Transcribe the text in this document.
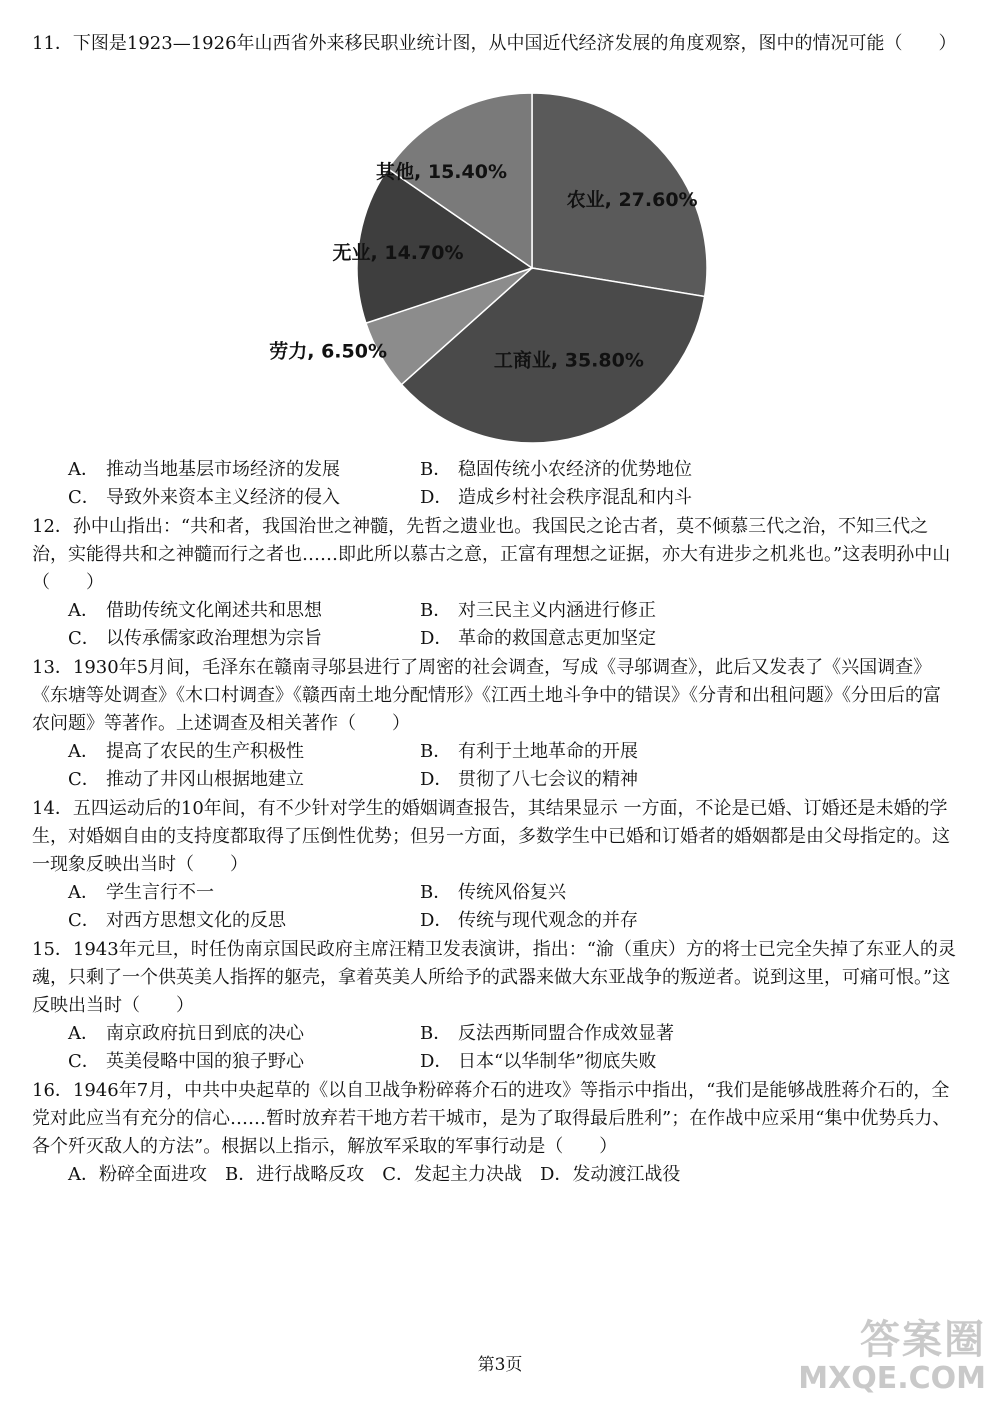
11．下图是1923—1926年山西省外来移民职业统计图，从中国近代经济发展的角度观察，图中的情况可能（　　）
农业, 27.60%
工商业, 35.80%
劳力, 6.50%
无业, 14.70%
其他, 15.40%
A． 推动当地基层市场经济的发展	B． 稳固传统小农经济的优势地位
C． 导致外来资本主义经济的侵入	D． 造成乡村社会秩序混乱和内斗
12．孙中山指出：“共和者，我国治世之神髓，先哲之遗业也。我国民之论古者，莫不倾慕三代之治，不知三代之治，实能得共和之神髓而行之者也……即此所以慕古之意，正富有理想之证据，亦大有进步之机兆也。”这表明孙中山（　　）
A． 借助传统文化阐述共和思想	B． 对三民主义内涵进行修正
C． 以传承儒家政治理想为宗旨	D． 革命的救国意志更加坚定
13．1930年5月间，毛泽东在赣南寻邬县进行了周密的社会调查，写成《寻邬调查》，此后又发表了《兴国调查》《东塘等处调查》《木口村调查》《赣西南土地分配情形》《江西土地斗争中的错误》《分青和出租问题》《分田后的富农问题》等著作。上述调查及相关著作（　　）
A． 提高了农民的生产积极性	B． 有利于土地革命的开展
C． 推动了井冈山根据地建立	D． 贯彻了八七会议的精神
14．五四运动后的10年间，有不少针对学生的婚姻调查报告，其结果显示 一方面，不论是已婚、订婚还是未婚的学生，对婚姻自由的支持度都取得了压倒性优势；但另一方面，多数学生中已婚和订婚者的婚姻都是由父母指定的。这一现象反映出当时（　　）
A． 学生言行不一	B． 传统风俗复兴
C． 对西方思想文化的反思	D． 传统与现代观念的并存
15．1943年元旦，时任伪南京国民政府主席汪精卫发表演讲，指出：“渝（重庆）方的将士已完全失掉了东亚人的灵魂，只剩了一个供英美人指挥的躯壳，拿着英美人所给予的武器来做大东亚战争的叛逆者。说到这里，可痛可恨。”这反映出当时（　　）
A． 南京政府抗日到底的决心	B． 反法西斯同盟合作成效显著
C． 英美侵略中国的狼子野心	D． 日本“以华制华”彻底失败
16．1946年7月，中共中央起草的《以自卫战争粉碎蒋介石的进攻》等指示中指出，“我们是能够战胜蒋介石的，全党对此应当有充分的信心……暂时放弃若干地方若干城市，是为了取得最后胜利”；在作战中应采用“集中优势兵力、各个歼灭敌人的方法”。根据以上指示，解放军采取的军事行动是（　　）
A．粉碎全面进攻　B．进行战略反攻　C．发起主力决战　D．发动渡江战役
第3页
答案圈
MXQE.COM
